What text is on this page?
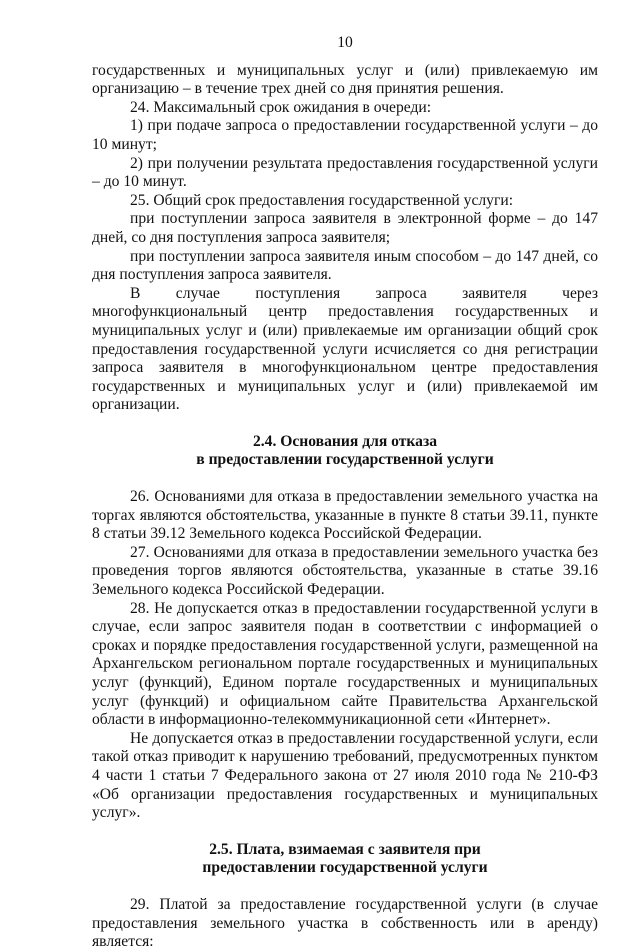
10

государственных и муниципальных услуг и (или) привлекаемую им организацию – в течение трех дней со дня принятия решения.

24. Максимальный срок ожидания в очереди:

1) при подаче запроса о предоставлении государственной услуги – до 10 минут;

2) при получении результата предоставления государственной услуги – до 10 минут.

25. Общий срок предоставления государственной услуги:

при поступлении запроса заявителя в электронной форме – до 147 дней, со дня поступления запроса заявителя;

при поступлении запроса заявителя иным способом – до 147 дней, со дня поступления запроса заявителя.

В случае поступления запроса заявителя через многофункциональный центр предоставления государственных и муниципальных услуг и (или) привлекаемые им организации общий срок предоставления государственной услуги исчисляется со дня регистрации запроса заявителя в многофункциональном центре предоставления государственных и муниципальных услуг и (или) привлекаемой им организации.

2.4. Основания для отказа
в предоставлении государственной услуги

26. Основаниями для отказа в предоставлении земельного участка на торгах являются обстоятельства, указанные в пункте 8 статьи 39.11, пункте 8 статьи 39.12 Земельного кодекса Российской Федерации.

27. Основаниями для отказа в предоставлении земельного участка без проведения торгов являются обстоятельства, указанные в статье 39.16 Земельного кодекса Российской Федерации.

28. Не допускается отказ в предоставлении государственной услуги в случае, если запрос заявителя подан в соответствии с информацией о сроках и порядке предоставления государственной услуги, размещенной на Архангельском региональном портале государственных и муниципальных услуг (функций), Едином портале государственных и муниципальных услуг (функций) и официальном сайте Правительства Архангельской области в информационно-телекоммуникационной сети «Интернет».

Не допускается отказ в предоставлении государственной услуги, если такой отказ приводит к нарушению требований, предусмотренных пунктом 4 части 1 статьи 7 Федерального закона от 27 июля 2010 года № 210-ФЗ «Об организации предоставления государственных и муниципальных услуг».

2.5. Плата, взимаемая с заявителя при
предоставлении государственной услуги

29. Платой за предоставление государственной услуги (в случае предоставления земельного участка в собственность или в аренду) является:
